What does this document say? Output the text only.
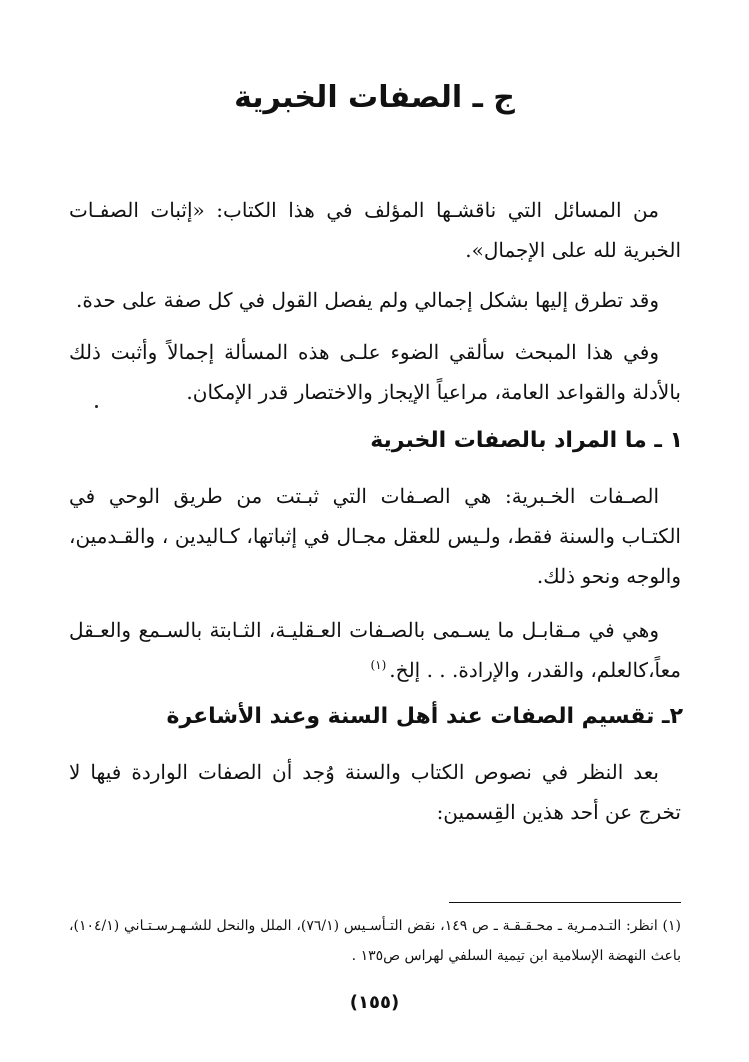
ج ـ الصفات الخبرية

من المسائل التي ناقشـها المؤلف في هذا الكتاب: «إثبات الصفـات الخبرية لله على الإجمال».

وقد تطرق إليها بشكل إجمالي ولم يفصل القول في كل صفة على حدة.

وفي هذا المبحث سألقي الضوء علـى هذه المسألة إجمالاً وأثبت ذلك بالأدلة والقواعد العامة، مراعياً الإيجاز والاختصار قدر الإمكان.

١ ـ ما المراد بالصفات الخبرية

الصـفات الخـبرية: هي الصـفات التي ثبـتت من طريق الوحي في الكتـاب والسنة فقط، ولـيس للعقل مجـال في إثباتها، كـاليدين ، والقـدمين، والوجه ونحو ذلك.

وهي في مـقابـل ما يسـمى بالصـفات العـقليـة، الثـابتة بالسـمع والعـقل معاً،كالعلم، والقدر، والإرادة. . . إلخ.$^{(١)}$

٢ـ تقسيم الصفات عند أهل السنة وعند الأشاعرة

بعد النظر في نصوص الكتاب والسنة وُجد أن الصفات الواردة فيها لا تخرج عن أحد هذين القِسمين:

(١) انظر: التـدمـرية ـ محـقـقـة ـ ص ١٤٩، نقض التـأسـيس (٧٦/١)، الملل والنحل للشـهـرسـتـاني (١٠٤/١)، باعث النهضة الإسلامية ابن تيمية السلفي لهراس ص١٣٥ .

(١٥٥)
